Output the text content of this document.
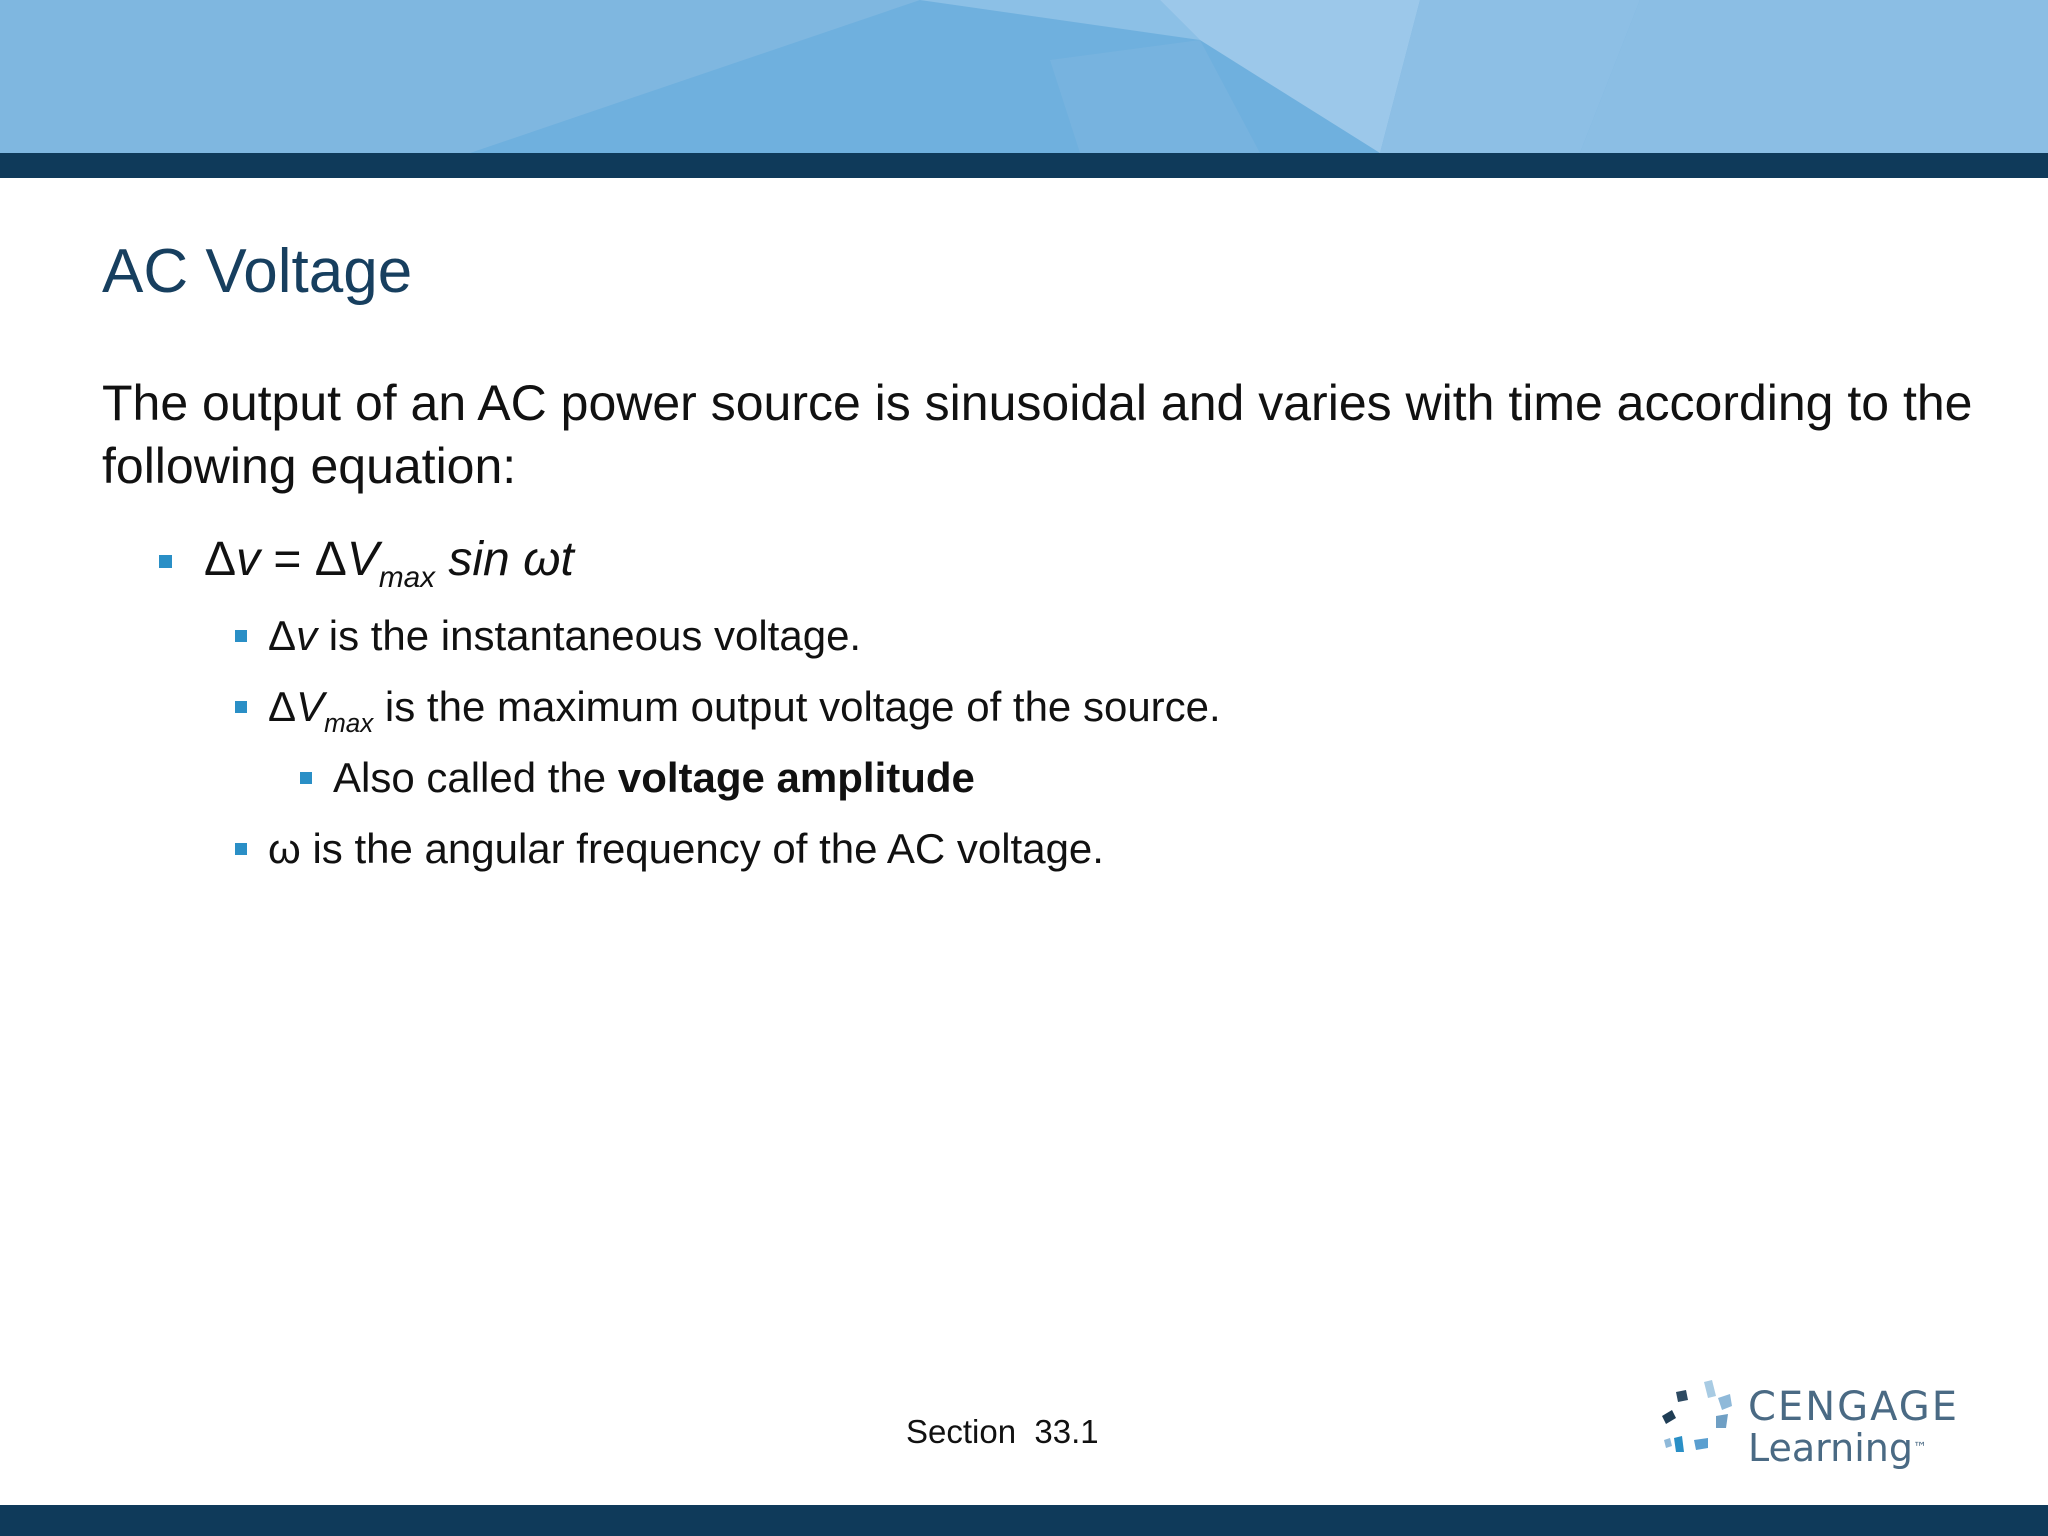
AC Voltage

The output of an AC power source is sinusoidal and varies with time according to the following equation:

$\Delta v = \Delta V_{max}$ sin ωt
Δv is the instantaneous voltage.
$\Delta V_{max}$ is the maximum output voltage of the source.
Also called the voltage amplitude
ω is the angular frequency of the AC voltage.
Section  33.1
CENGAGE
Learning™
